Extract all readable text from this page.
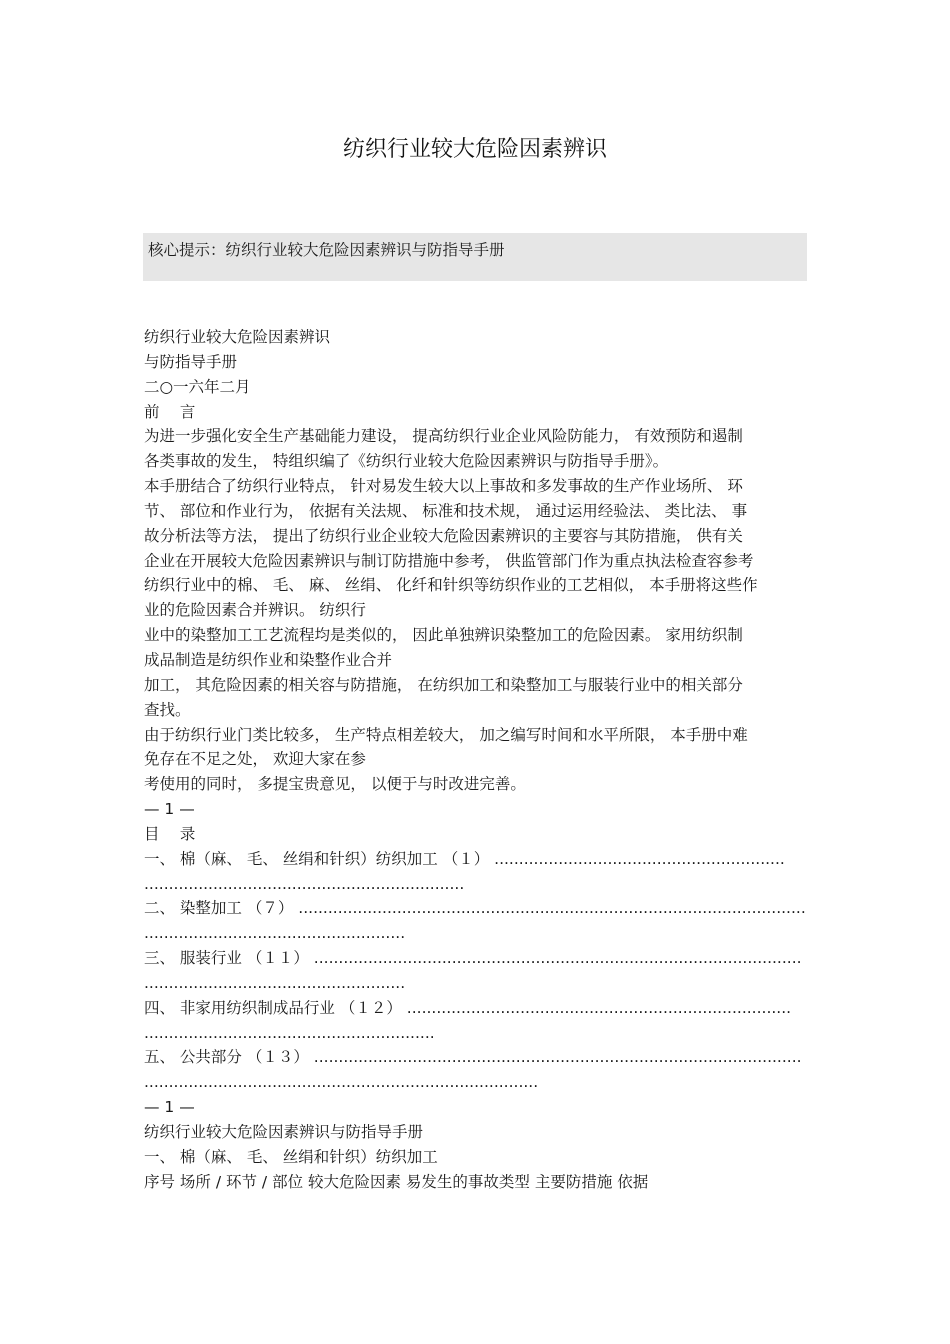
纺织行业较大危险因素辨识
核心提示：纺织行业较大危险因素辨识与防指导手册
纺织行业较大危险因素辨识
与防指导手册
二○一六年二月
前　 言
为进一步强化安全生产基础能力建设， 提高纺织行业企业风险防能力， 有效预防和遏制
各类事故的发生， 特组织编了《纺织行业较大危险因素辨识与防指导手册》。
本手册结合了纺织行业特点， 针对易发生较大以上事故和多发事故的生产作业场所、 环
节、 部位和作业行为， 依据有关法规、 标准和技术规， 通过运用经验法、 类比法、 事
故分析法等方法， 提出了纺织行业企业较大危险因素辨识的主要容与其防措施， 供有关
企业在开展较大危险因素辨识与制订防措施中参考， 供监管部门作为重点执法检查容参考
纺织行业中的棉、 毛、 麻、 丝绢、 化纤和针织等纺织作业的工艺相似， 本手册将这些作
业的危险因素合并辨识。 纺织行
业中的染整加工工艺流程均是类似的， 因此单独辨识染整加工的危险因素。 家用纺织制
成品制造是纺织作业和染整作业合并
加工， 其危险因素的相关容与防措施， 在纺织加工和染整加工与服装行业中的相关部分
查找。
由于纺织行业门类比较多， 生产特点相差较大， 加之编写时间和水平所限， 本手册中难
免存在不足之处， 欢迎大家在参
考使用的同时， 多提宝贵意见， 以便于与时改进完善。
— 1 —
目　 录
一、 棉（麻、 毛、 丝绢和针织）纺织加工 （１） ...........................................................
.................................................................
二、 染整加工 （７） .......................................................................................................
.....................................................
三、 服装行业 （１１） ...................................................................................................
.....................................................
四、 非家用纺织制成品行业 （１２） ..............................................................................
...........................................................
五、 公共部分 （１３） ...................................................................................................
................................................................................
— 1 —
纺织行业较大危险因素辨识与防指导手册
一、 棉（麻、 毛、 丝绢和针织）纺织加工
序号 场所 / 环节 / 部位 较大危险因素 易发生的事故类型 主要防措施 依据
